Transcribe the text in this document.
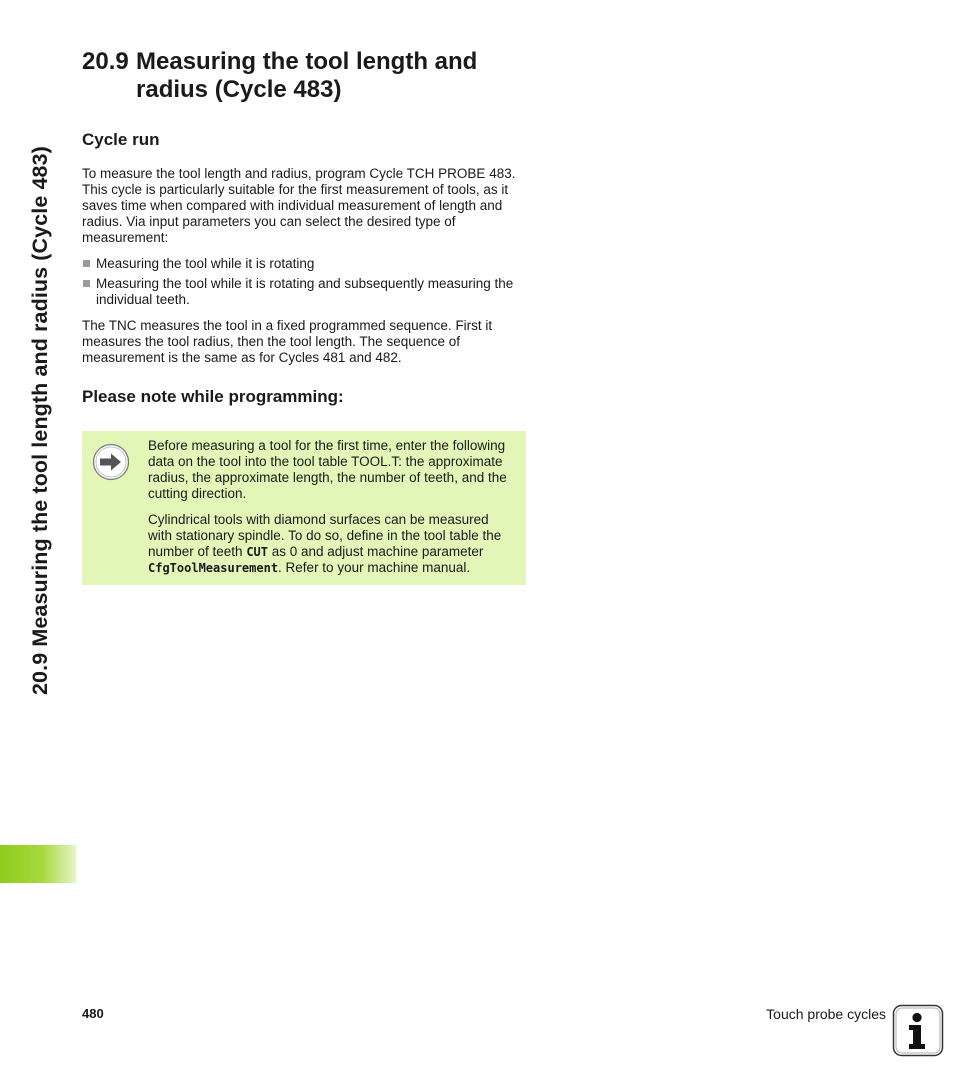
20.9 Measuring the tool length and radius (Cycle 483)
20.9 Measuring the tool length and radius (Cycle 483)
Cycle run

To measure the tool length and radius, program Cycle TCH PROBE 483. This cycle is particularly suitable for the first measurement of tools, as it saves time when compared with individual measurement of length and radius. Via input parameters you can select the desired type of measurement:

Measuring the tool while it is rotating
Measuring the tool while it is rotating and subsequently measuring the individual teeth.

The TNC measures the tool in a fixed programmed sequence. First it measures the tool radius, then the tool length. The sequence of measurement is the same as for Cycles 481 and 482.

Please note while programming:

Before measuring a tool for the first time, enter the following data on the tool into the tool table TOOL.T: the approximate radius, the approximate length, the number of teeth, and the cutting direction.

Cylindrical tools with diamond surfaces can be measured with stationary spindle. To do so, define in the tool table the number of teeth CUT as 0 and adjust machine parameter CfgToolMeasurement. Refer to your machine manual.

480	Touch probe cycles
